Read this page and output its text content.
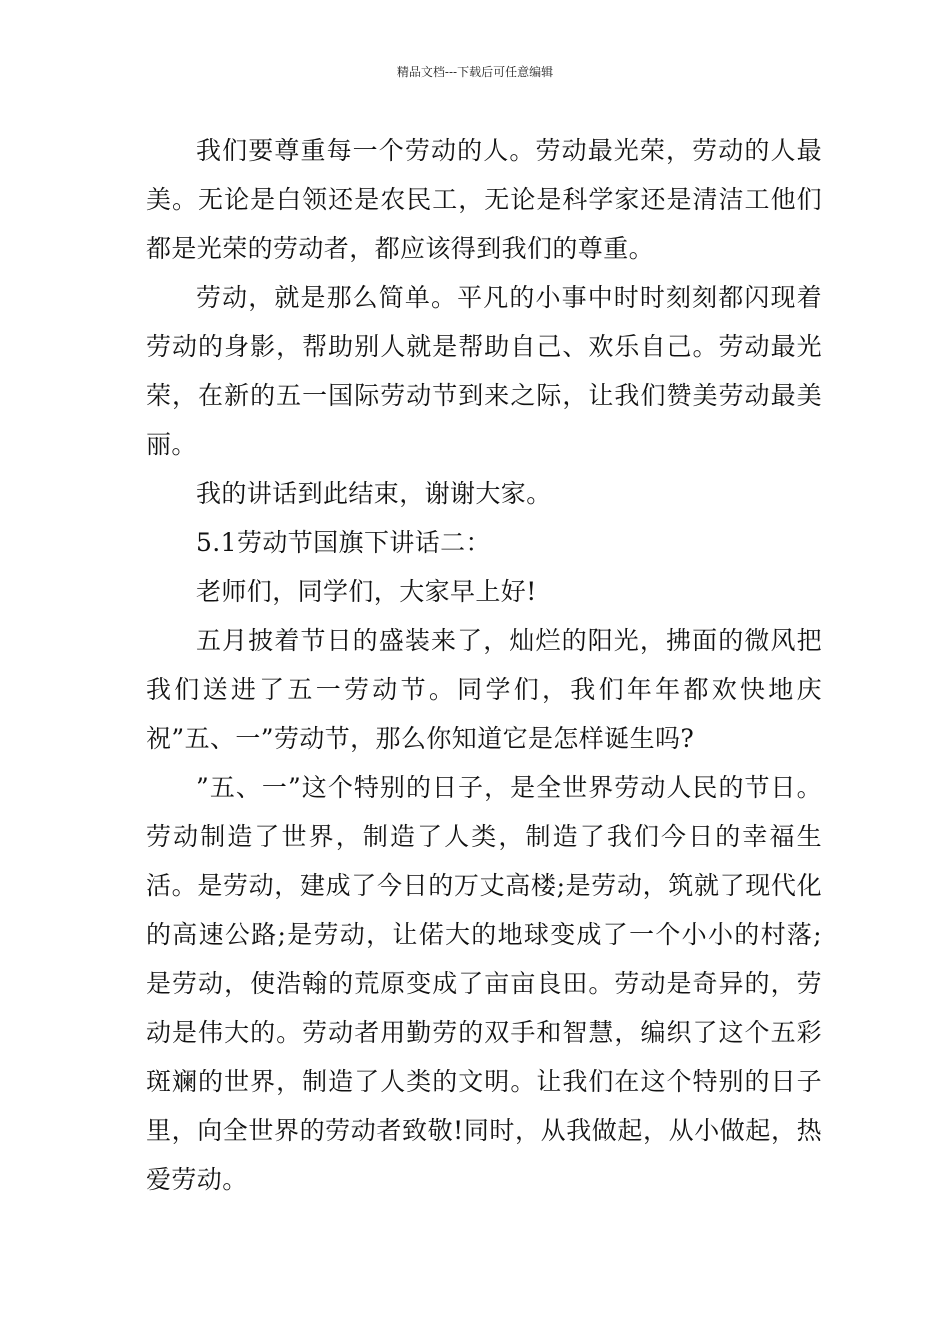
精品文档---下载后可任意编辑

我们要尊重每一个劳动的人。劳动最光荣，劳动的人最美。无论是白领还是农民工，无论是科学家还是清洁工他们都是光荣的劳动者，都应该得到我们的尊重。

劳动，就是那么简单。平凡的小事中时时刻刻都闪现着劳动的身影，帮助别人就是帮助自己、欢乐自己。劳动最光荣，在新的五一国际劳动节到来之际，让我们赞美劳动最美丽。

我的讲话到此结束，谢谢大家。

5.1劳动节国旗下讲话二：

老师们，同学们，大家早上好!

五月披着节日的盛装来了，灿烂的阳光，拂面的微风把我们送进了五一劳动节。同学们，我们年年都欢快地庆祝”五、一”劳动节，那么你知道它是怎样诞生吗?

”五、一”这个特别的日子，是全世界劳动人民的节日。劳动制造了世界，制造了人类，制造了我们今日的幸福生活。是劳动，建成了今日的万丈高楼;是劳动，筑就了现代化的高速公路;是劳动，让偌大的地球变成了一个小小的村落;是劳动，使浩翰的荒原变成了亩亩良田。劳动是奇异的，劳动是伟大的。劳动者用勤劳的双手和智慧，编织了这个五彩斑斓的世界，制造了人类的文明。让我们在这个特别的日子里，向全世界的劳动者致敬!同时，从我做起，从小做起，热爱劳动。
